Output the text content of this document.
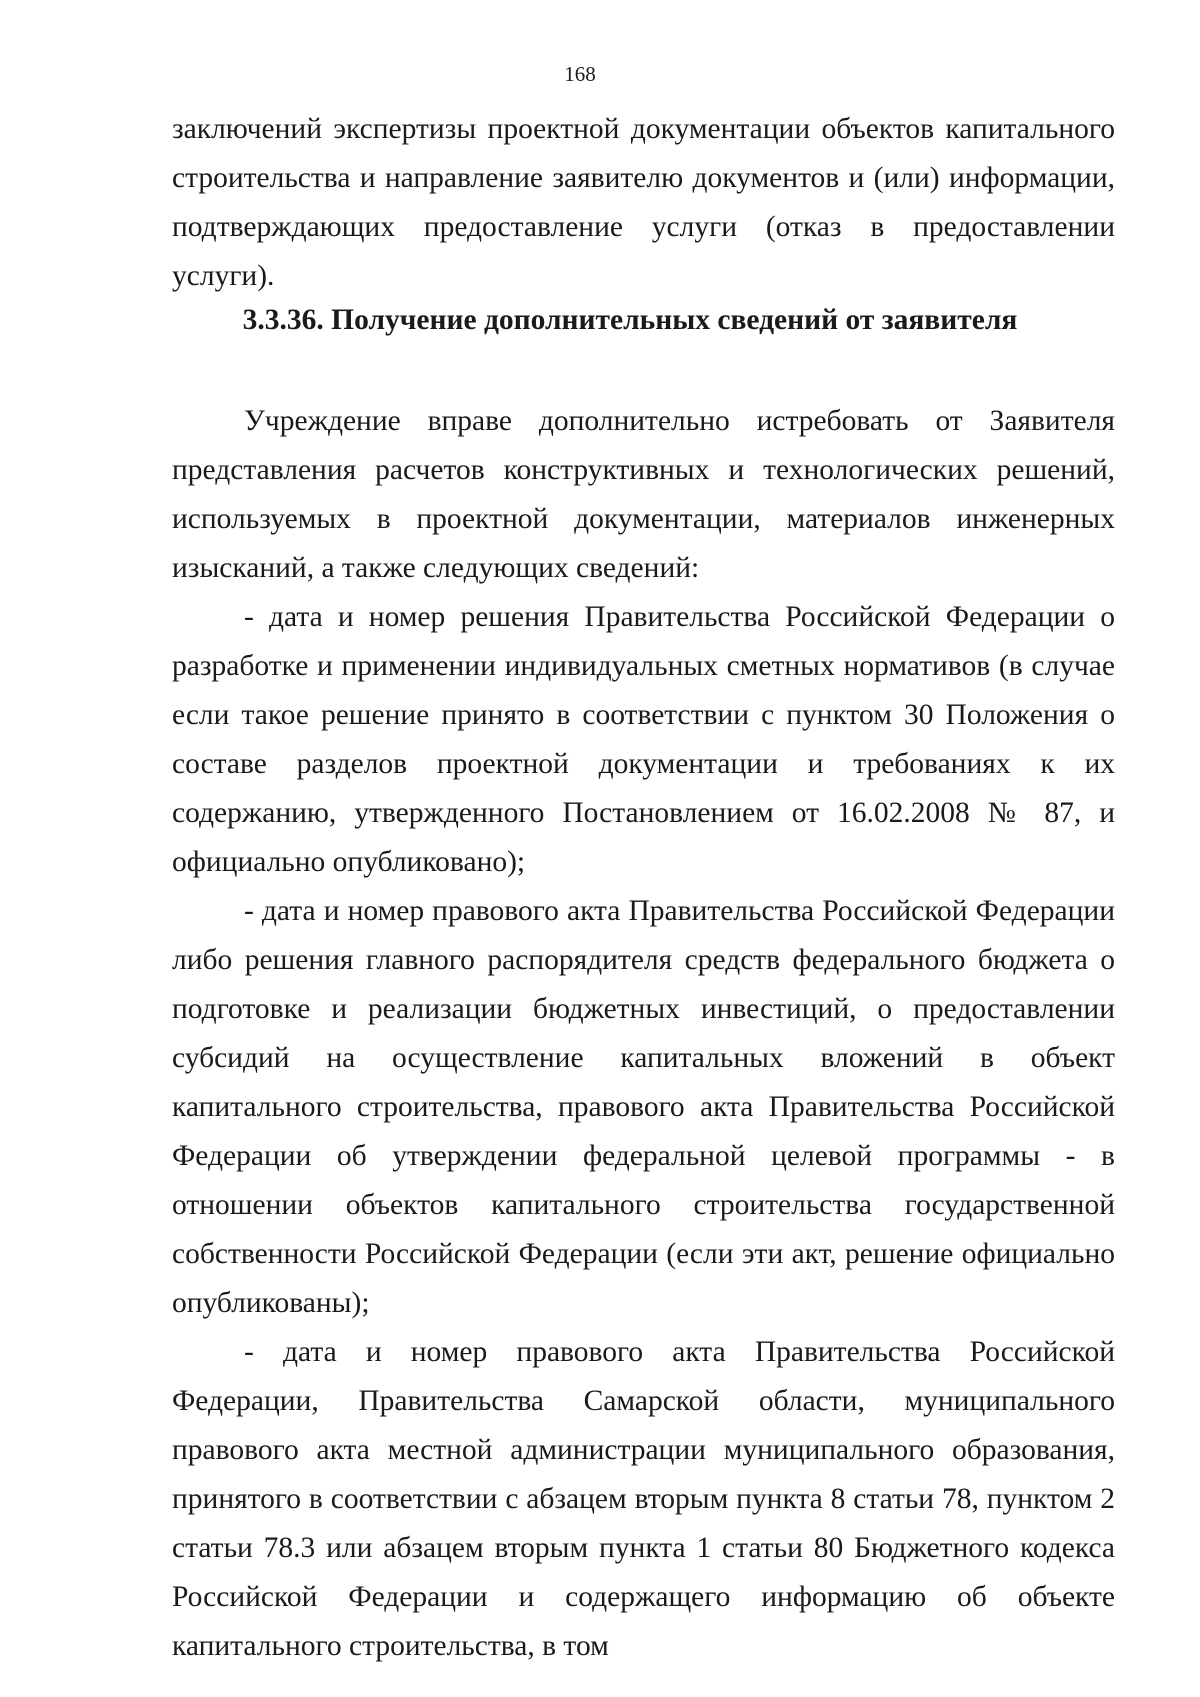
168

заключений экспертизы проектной документации объектов капитального строительства и направление заявителю документов и (или) информации, подтверждающих предоставление услуги (отказ в предоставлении услуги).

3.3.36. Получение дополнительных сведений от заявителя

Учреждение вправе дополнительно истребовать от Заявителя представления расчетов конструктивных и технологических решений, используемых в проектной документации, материалов инженерных изысканий, а также следующих сведений:

- дата и номер решения Правительства Российской Федерации о разработке и применении индивидуальных сметных нормативов (в случае если такое решение принято в соответствии с пунктом 30 Положения о составе разделов проектной документации и требованиях к их содержанию, утвержденного Постановлением от 16.02.2008 № 87, и официально опубликовано);

- дата и номер правового акта Правительства Российской Федерации либо решения главного распорядителя средств федерального бюджета о подготовке и реализации бюджетных инвестиций, о предоставлении субсидий на осуществление капитальных вложений в объект капитального строительства, правового акта Правительства Российской Федерации об утверждении федеральной целевой программы - в отношении объектов капитального строительства государственной собственности Российской Федерации (если эти акт, решение официально опубликованы);

- дата и номер правового акта Правительства Российской Федерации, Правительства Самарской области, муниципального правового акта местной администрации муниципального образования, принятого в соответствии с абзацем вторым пункта 8 статьи 78, пунктом 2 статьи 78.3 или абзацем вторым пункта 1 статьи 80 Бюджетного кодекса Российской Федерации и содержащего информацию об объекте капитального строительства, в том
